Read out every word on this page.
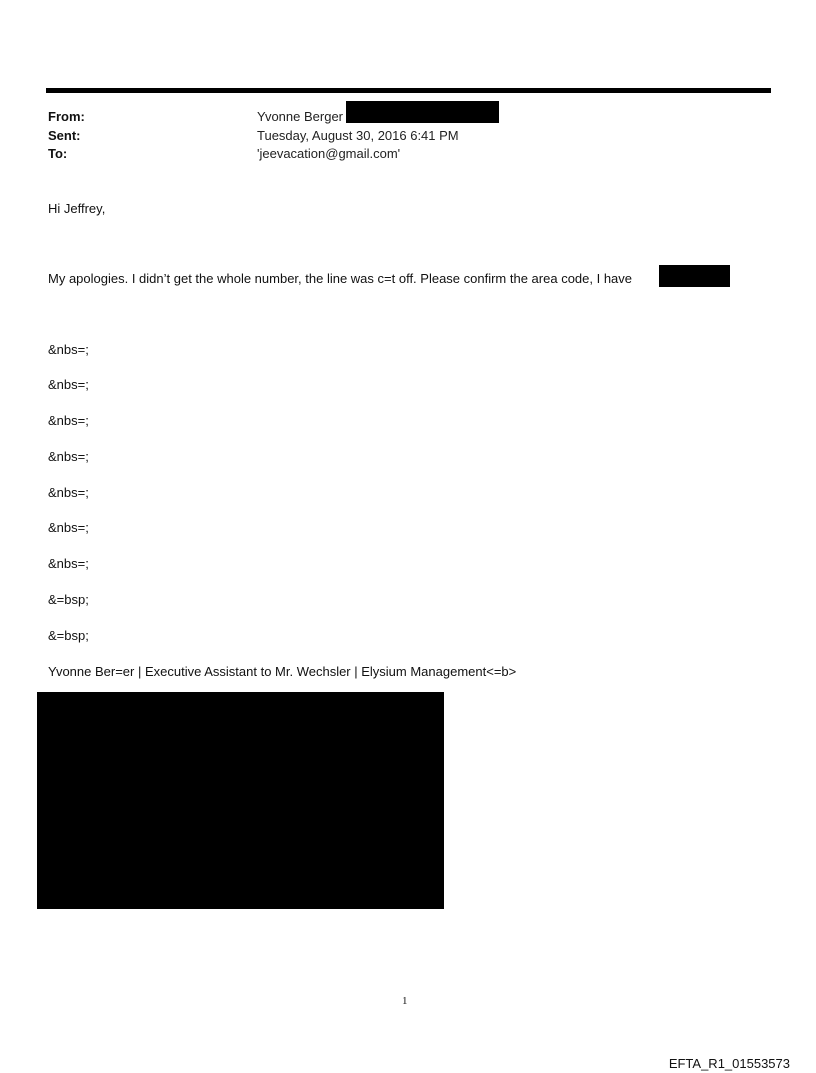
From:	Yvonne Berger
Sent:	Tuesday, August 30, 2016 6:41 PM
To:	'jeevacation@gmail.com'
Hi Jeffrey,
My apologies. I didn’t get the whole number, the line was c=t off. Please confirm the area code, I have
&nbs=;
&nbs=;
&nbs=;
&nbs=;
&nbs=;
&nbs=;
&nbs=;
&=bsp;
&=bsp;
Yvonne Ber=er | Executive Assistant to Mr. Wechsler | Elysium Management<=b>
1
EFTA_R1_01553573
